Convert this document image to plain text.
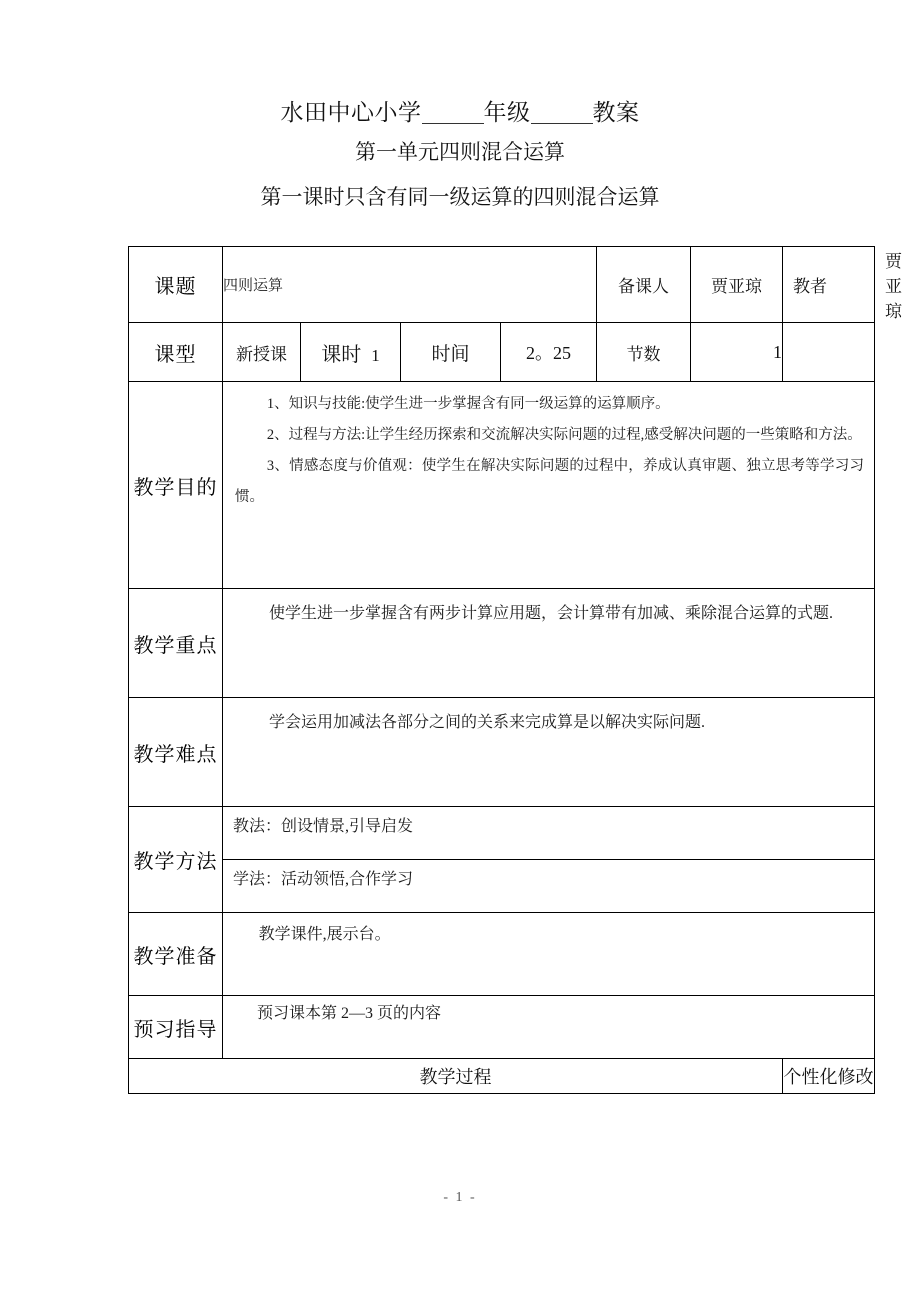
水田中心小学	年级	教案
第一单元四则混合运算
第一课时只含有同一级运算的四则混合运算
课题	四则运算				备课人	贾亚琼	教者	贾亚琼
课型	新授课	课时 1	时间	2。25	节数	1		
教学目的	1、知识与技能:使学生进一步掌握含有同一级运算的运算顺序。

2、过程与方法:让学生经历探索和交流解决实际问题的过程,感受解决问题的一些策略和方法。

3、情感态度与价值观：使学生在解决实际问题的过程中，养成认真审题、独立思考等学习习惯。							

教学重点	使学生进一步掌握含有两步计算应用题，会计算带有加减、乘除混合运算的式题.							

教学难点	学会运用加减法各部分之间的关系来完成算是以解决实际问题.							

教学方法	教法：创设情景,引导启发							

	学法：活动领悟,合作学习							

教学准备	教学课件,展示台。							

预习指导	预习课本第 2—3 页的内容							

教学过程							个性化修改	
- 1 -
